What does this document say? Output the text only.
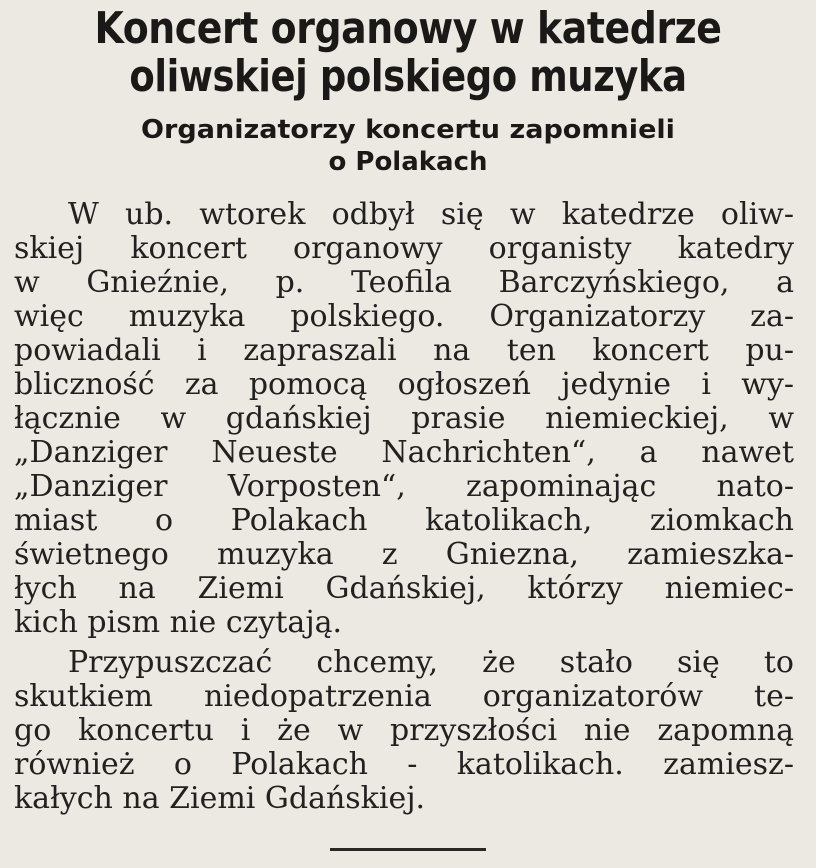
Koncert organowy w katedrze
oliwskiej polskiego muzyka
Organizatorzy koncertu zapomnieli
o Polakach
W ub. wtorek odbył się w katedrze oliw-
skiej koncert organowy organisty katedry
w Gnieźnie, p. Teofila Barczyńskiego, a
więc muzyka polskiego. Organizatorzy za-
powiadali i zapraszali na ten koncert pu-
bliczność za pomocą ogłoszeń jedynie i wy-
łącznie w gdańskiej prasie niemieckiej, w
„Danziger Neueste Nachrichten“, a nawet
„Danziger Vorposten“, zapominając nato-
miast o Polakach katolikach, ziomkach
świetnego muzyka z Gniezna, zamieszka-
łych na Ziemi Gdańskiej, którzy niemiec-
kich pism nie czytają.
Przypuszczać chcemy, że stało się to
skutkiem niedopatrzenia organizatorów te-
go koncertu i że w przyszłości nie zapomną
również o Polakach - katolikach. zamiesz-
kałych na Ziemi Gdańskiej.
